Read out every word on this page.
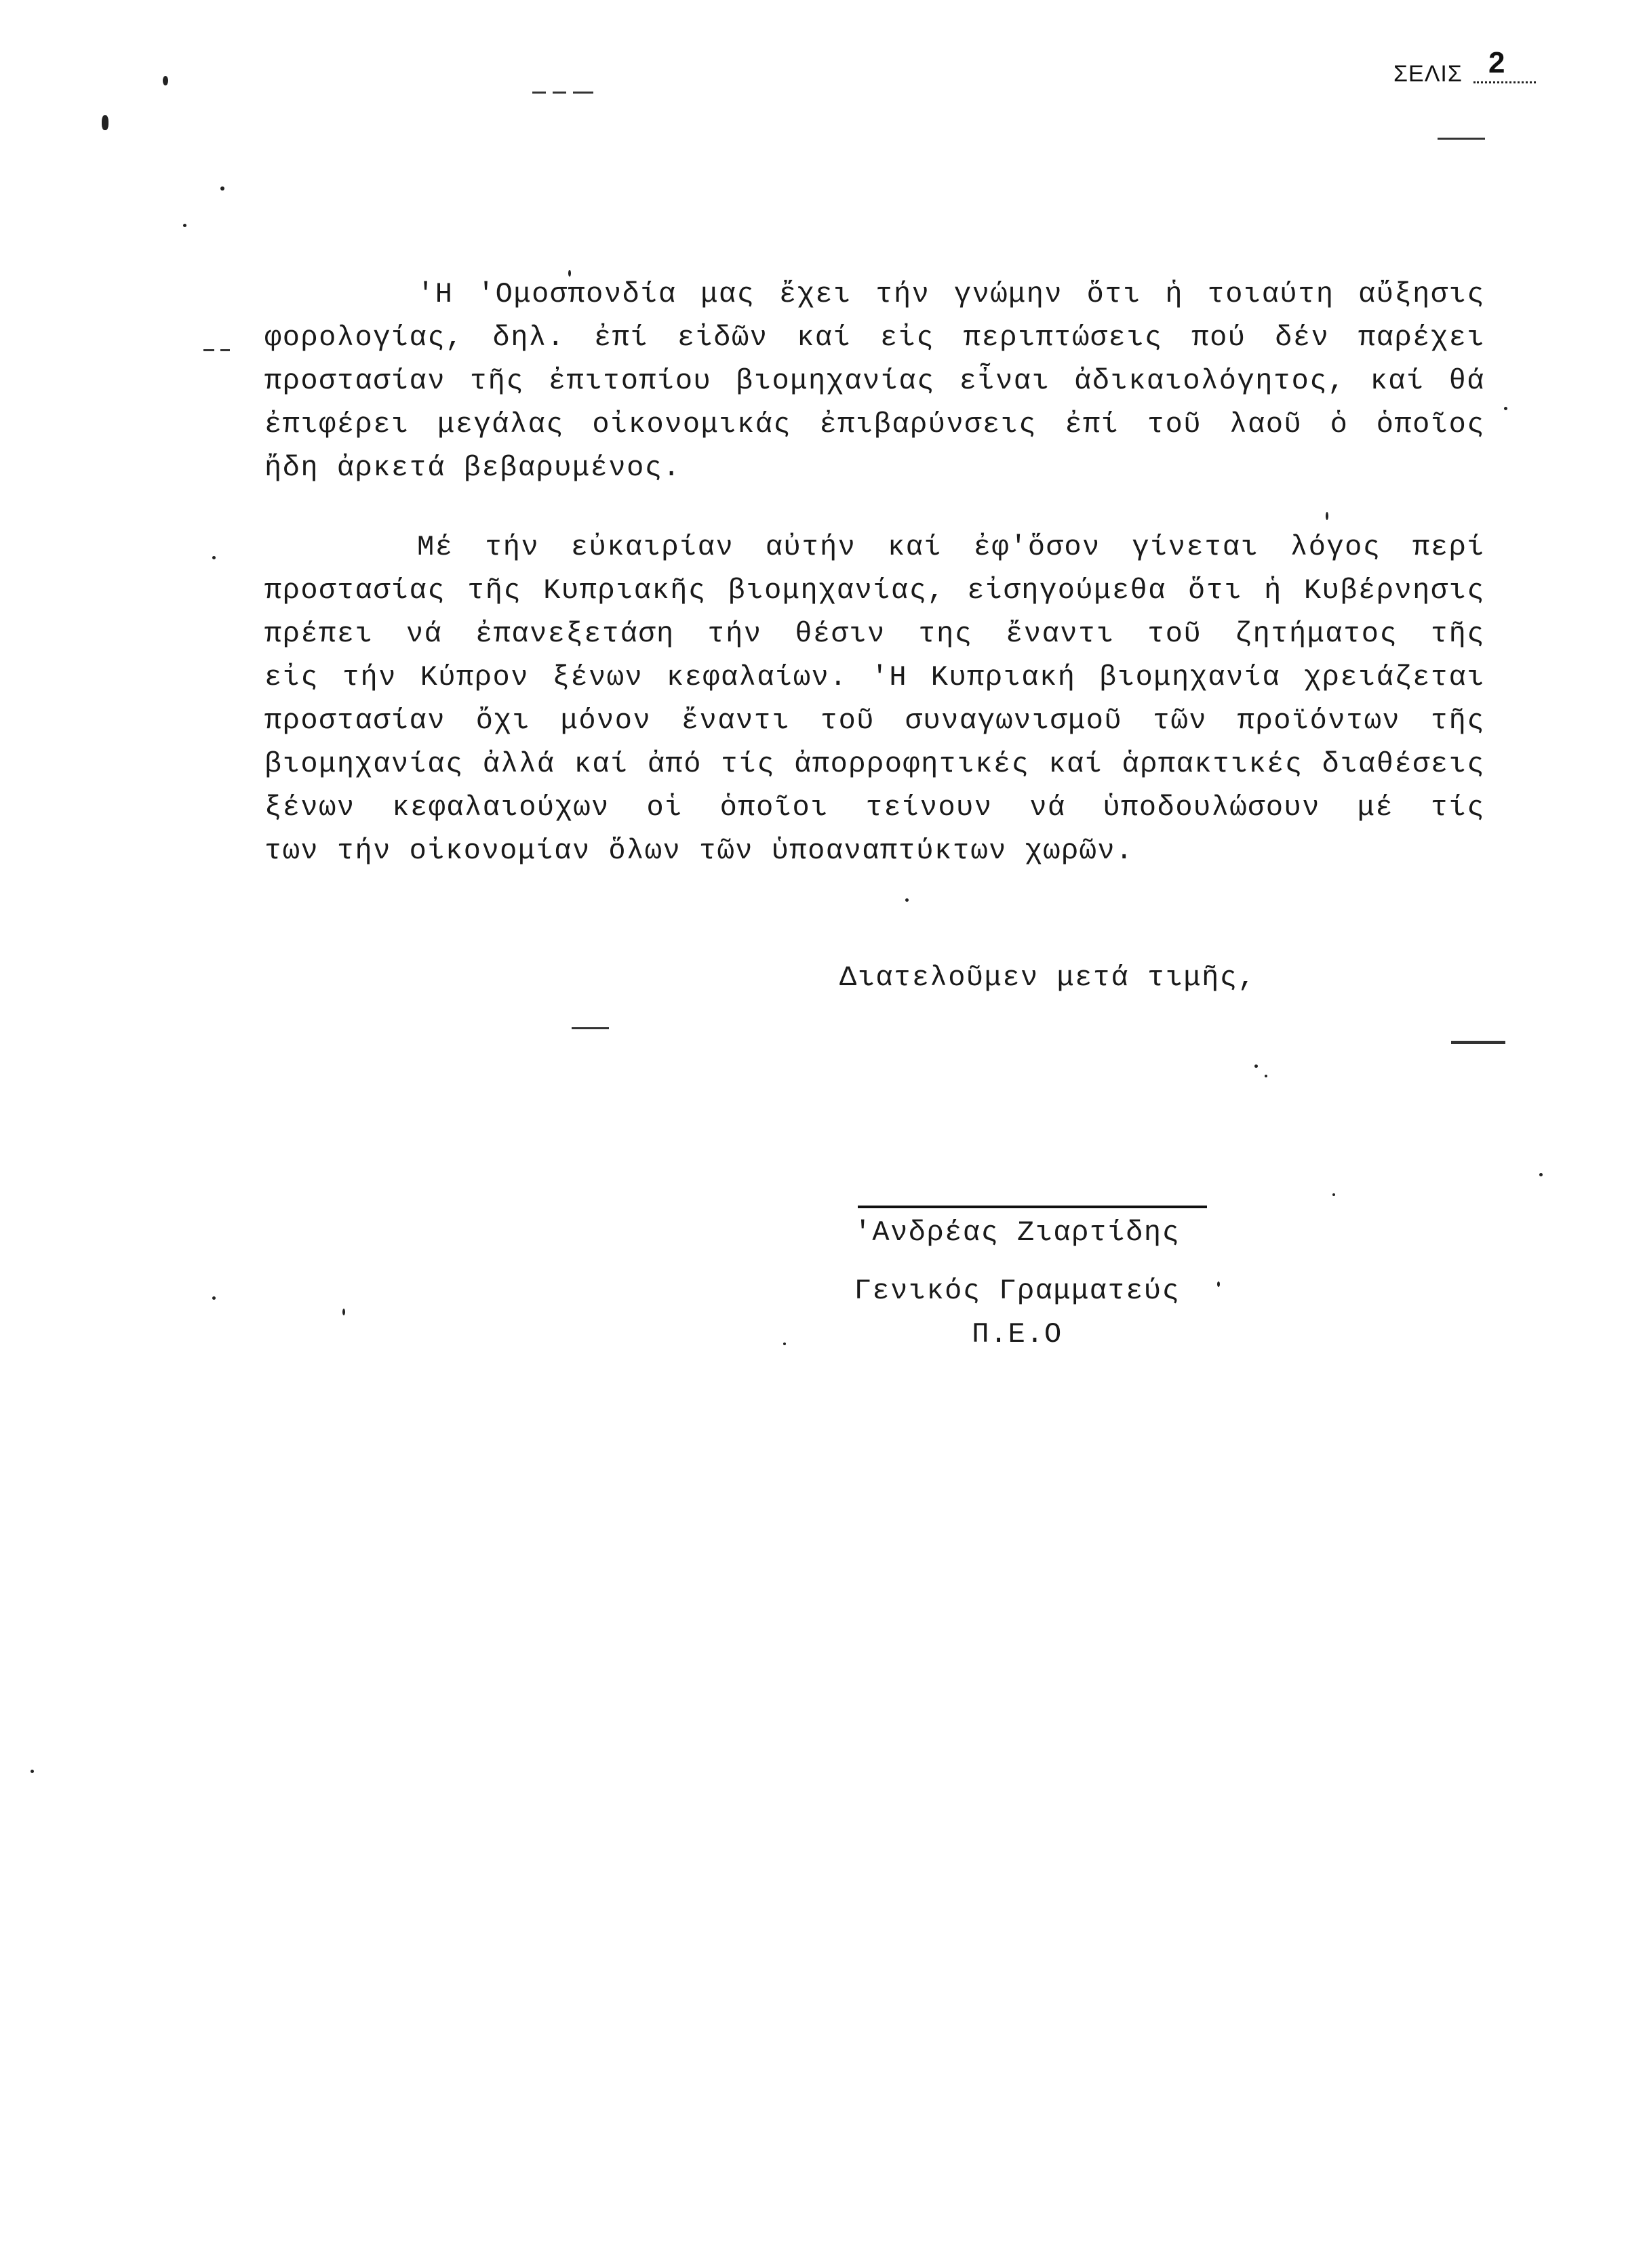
ΣΕΛΙΣ 2
'Η 'Ομοσπονδία μας ἔχει τήν γνώμην ὅτι ἡ τοιαύτη αὔξησις
φορολογίας, δηλ. ἐπί εἰδῶν καί εἰς περιπτώσεις πού δέν παρέχει
προστασίαν τῆς ἐπιτοπίου βιομηχανίας εἶναι ἀδικαιολόγητος, καί θά
ἐπιφέρει μεγάλας οἰκονομικάς ἐπιβαρύνσεις ἐπί τοῦ λαοῦ ὁ ὁποῖος
ἤδη ἀρκετά βεβαρυμένος.
Μέ τήν εὐκαιρίαν αὐτήν καί ἐφ'ὅσον γίνεται λόγος περί
προστασίας τῆς Κυπριακῆς βιομηχανίας, εἰσηγούμεθα ὅτι ἡ Κυβέρνησις
πρέπει νά ἐπανεξετάση τήν θέσιν της ἔναντι τοῦ ζητήματος τῆς
εἰς τήν Κύπρον ξένων κεφαλαίων. 'Η Κυπριακή βιομηχανία χρειάζεται
προστασίαν ὄχι μόνον ἔναντι τοῦ συναγωνισμοῦ τῶν προϊόντων τῆς
βιομηχανίας ἀλλά καί ἀπό τίς ἀπορροφητικές καί ἁρπακτικές διαθέσεις
ξένων κεφαλαιούχων οἱ ὁποῖοι τείνουν νά ὑποδουλώσουν μέ τίς
των τήν οἰκονομίαν ὅλων τῶν ὑποαναπτύκτων χωρῶν.
Διατελοῦμεν μετά τιμῆς,
'Ανδρέας Ζιαρτίδης
Γενικός Γραμματεύς
Π.Ε.Ο
